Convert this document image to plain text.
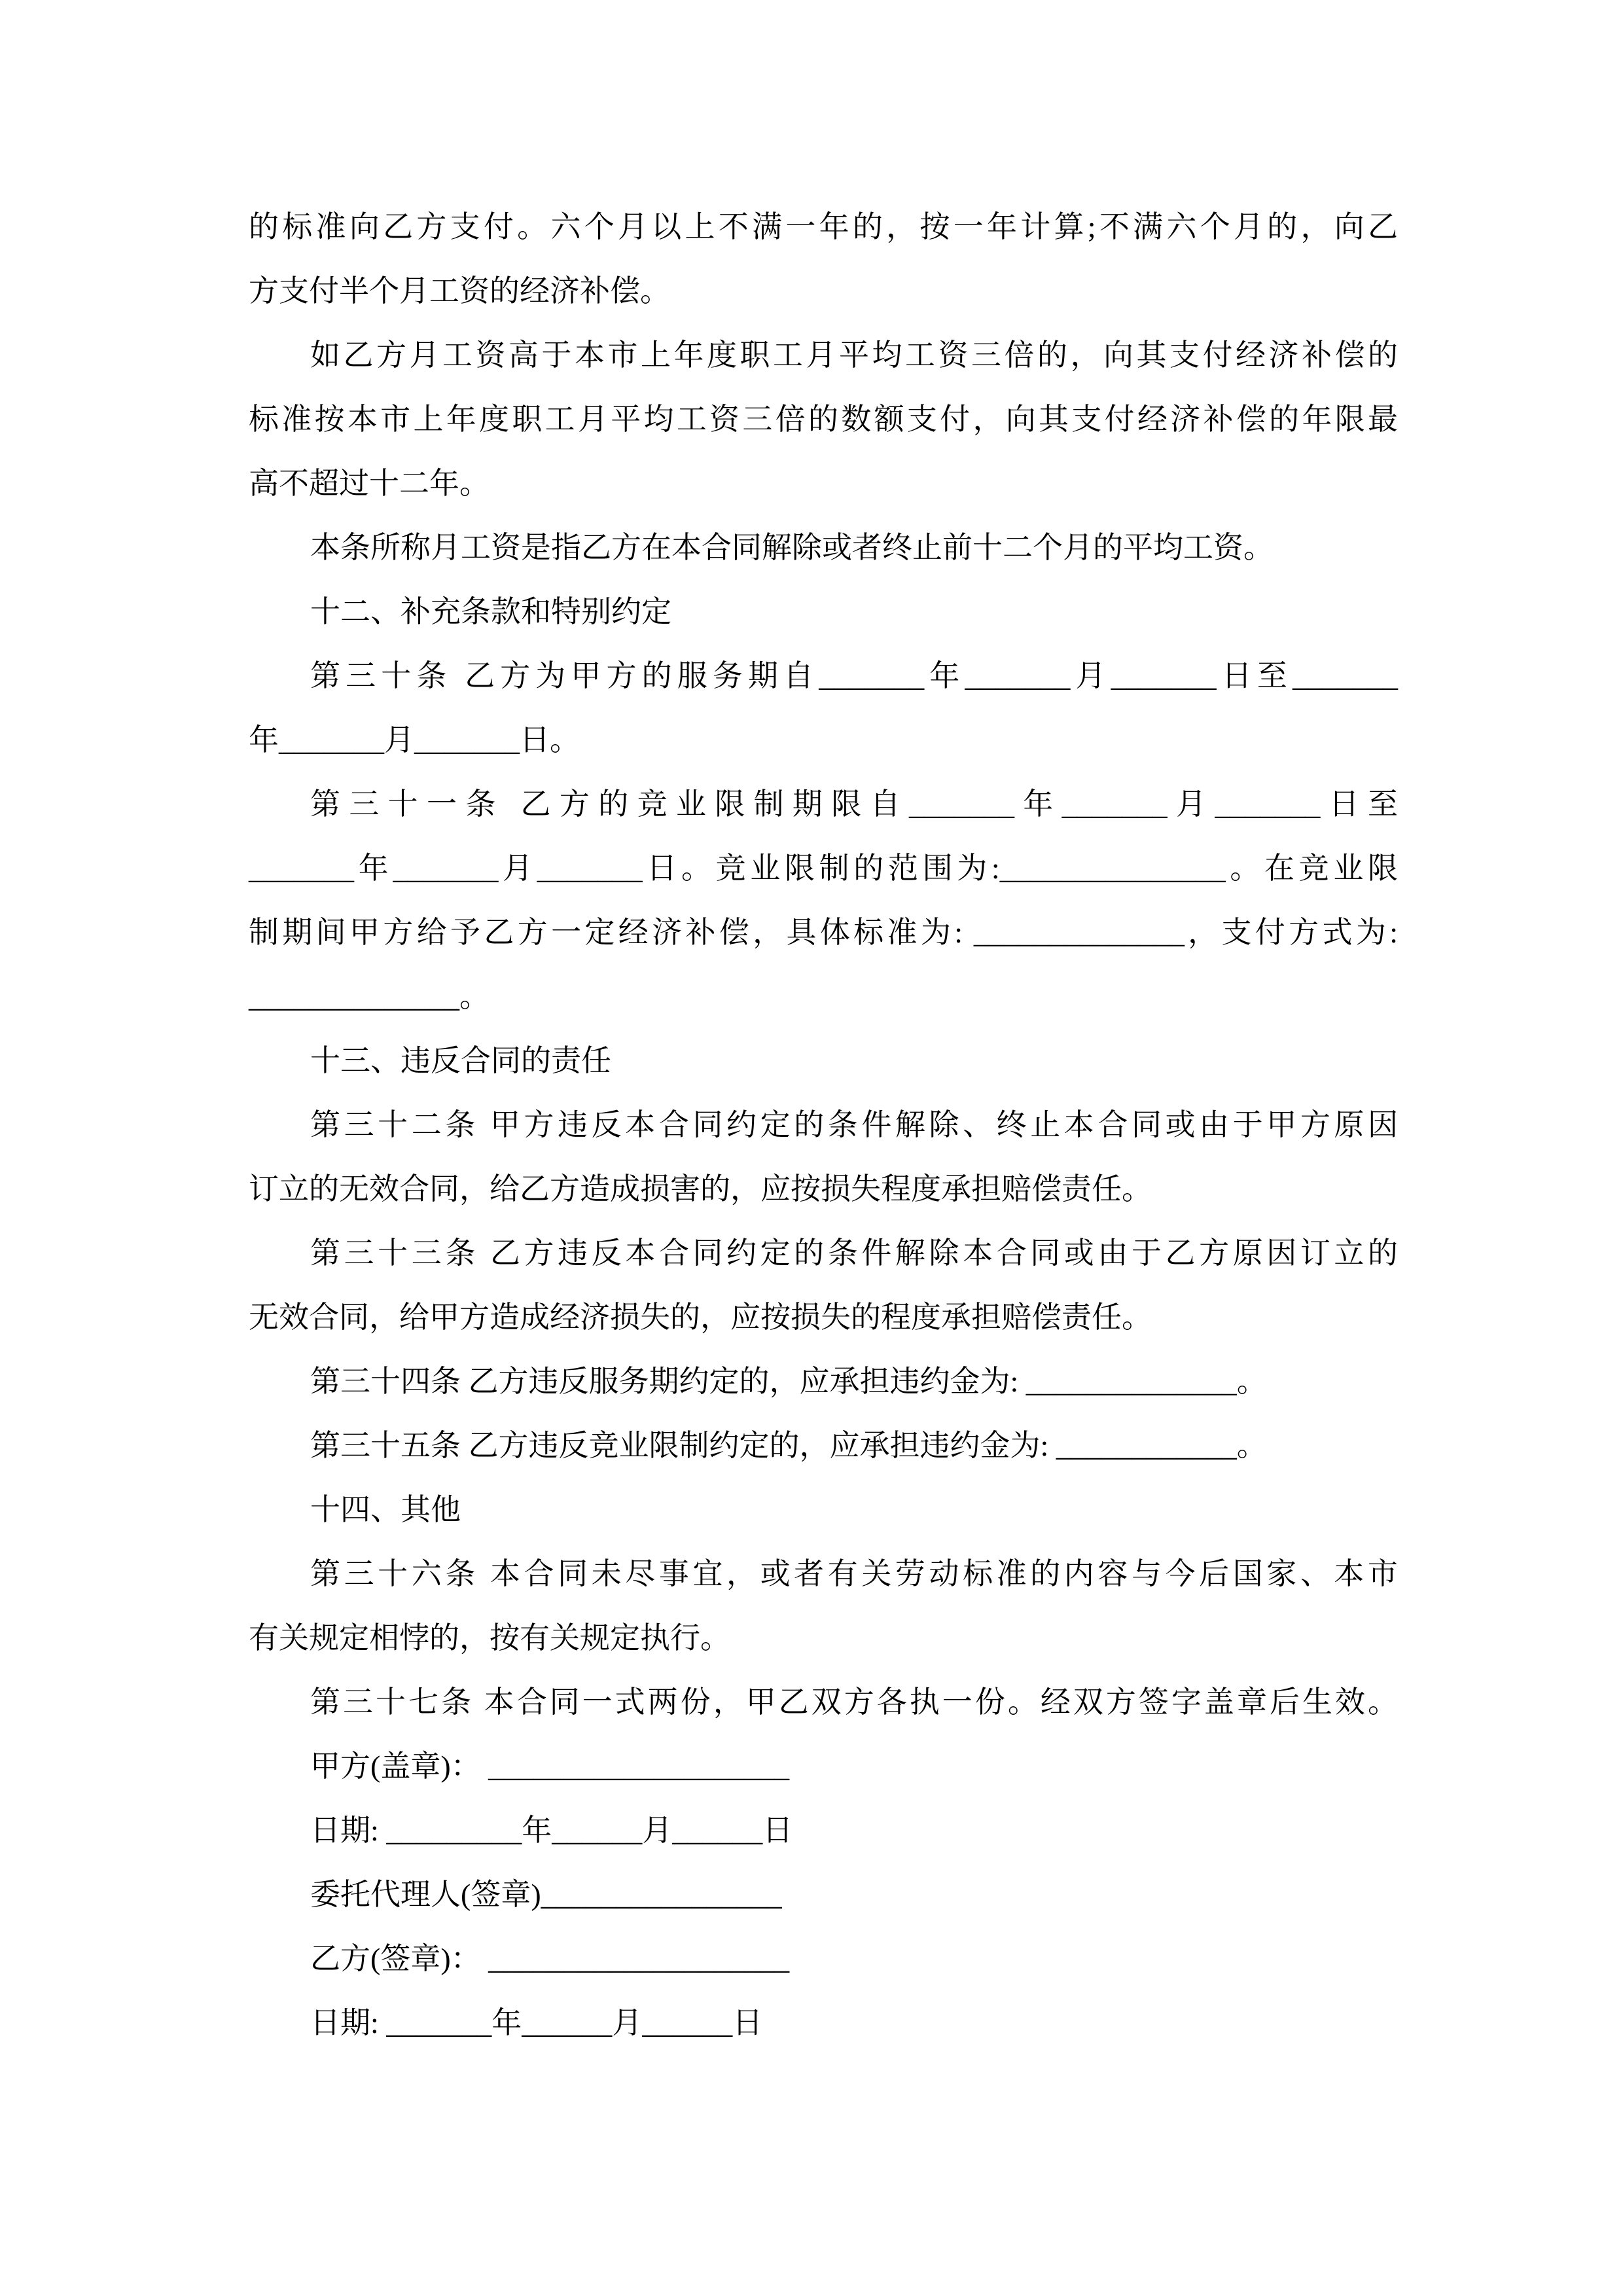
的标准向乙方支付。六个月以上不满一年的，按一年计算;不满六个月的，向乙
方支付半个月工资的经济补偿。
如乙方月工资高于本市上年度职工月平均工资三倍的，向其支付经济补偿的
标准按本市上年度职工月平均工资三倍的数额支付，向其支付经济补偿的年限最
高不超过十二年。
本条所称月工资是指乙方在本合同解除或者终止前十二个月的平均工资。
十二、补充条款和特别约定
第三十条 乙方为甲方的服务期自_______年_______月_______日至_______
年_______月_______日。
第三十一条 乙方的竞业限制期限自_______年_______月_______日至
_______年_______月_______日。竞业限制的范围为:_______________。在竞业限
制期间甲方给予乙方一定经济补偿，具体标准为: ______________，支付方式为:
______________。
十三、违反合同的责任
第三十二条 甲方违反本合同约定的条件解除、终止本合同或由于甲方原因
订立的无效合同，给乙方造成损害的，应按损失程度承担赔偿责任。
第三十三条 乙方违反本合同约定的条件解除本合同或由于乙方原因订立的
无效合同，给甲方造成经济损失的，应按损失的程度承担赔偿责任。
第三十四条 乙方违反服务期约定的，应承担违约金为: ______________。
第三十五条 乙方违反竞业限制约定的，应承担违约金为: ____________。
十四、其他
第三十六条 本合同未尽事宜，或者有关劳动标准的内容与今后国家、本市
有关规定相悖的，按有关规定执行。
第三十七条 本合同一式两份，甲乙双方各执一份。经双方签字盖章后生效。
甲方(盖章)： ____________________
日期: _________年______月______日
委托代理人(签章)________________
乙方(签章)： ____________________
日期: _______年______月______日
